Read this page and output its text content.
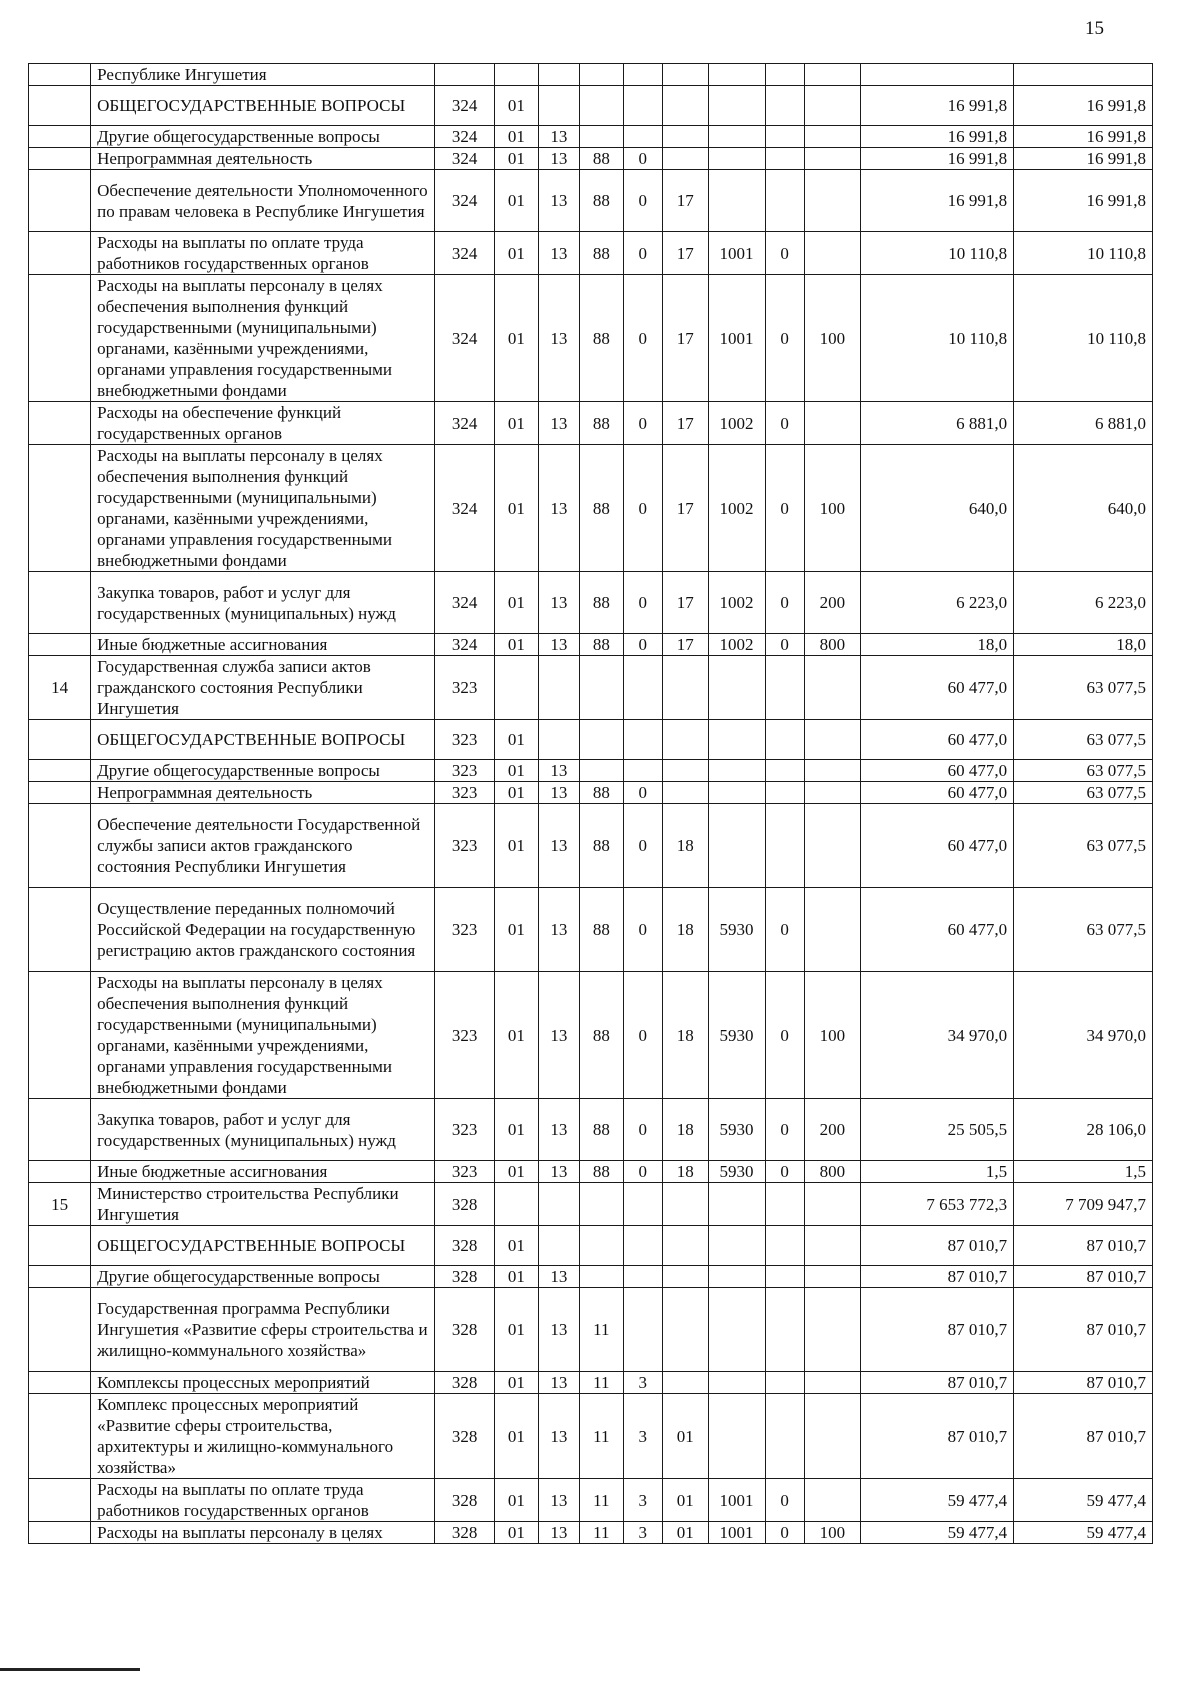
15
	Республике Ингушетия											
	ОБЩЕГОСУДАРСТВЕННЫЕ ВОПРОСЫ	324	01								16 991,8	16 991,8
	Другие общегосударственные вопросы	324	01	13							16 991,8	16 991,8
	Непрограммная деятельность	324	01	13	88	0					16 991,8	16 991,8
	Обеспечение деятельности Уполномоченного по правам человека в Республике Ингушетия	324	01	13	88	0	17				16 991,8	16 991,8
	Расходы на выплаты по оплате труда работников государственных органов	324	01	13	88	0	17	1001	0		10 110,8	10 110,8
	Расходы на выплаты персоналу в целях обеспечения выполнения функций государственными (муниципальными) органами, казёнными учреждениями, органами управления государственными внебюджетными фондами	324	01	13	88	0	17	1001	0	100	10 110,8	10 110,8
	Расходы на обеспечение функций государственных органов	324	01	13	88	0	17	1002	0		6 881,0	6 881,0
	Расходы на выплаты персоналу в целях обеспечения выполнения функций государственными (муниципальными) органами, казёнными учреждениями, органами управления государственными внебюджетными фондами	324	01	13	88	0	17	1002	0	100	640,0	640,0
	Закупка товаров, работ и услуг для государственных (муниципальных) нужд	324	01	13	88	0	17	1002	0	200	6 223,0	6 223,0
	Иные бюджетные ассигнования	324	01	13	88	0	17	1002	0	800	18,0	18,0
14	Государственная служба записи актов гражданского состояния Республики Ингушетия	323									60 477,0	63 077,5
	ОБЩЕГОСУДАРСТВЕННЫЕ ВОПРОСЫ	323	01								60 477,0	63 077,5
	Другие общегосударственные вопросы	323	01	13							60 477,0	63 077,5
	Непрограммная деятельность	323	01	13	88	0					60 477,0	63 077,5
	Обеспечение деятельности Государственной службы записи актов гражданского состояния Республики Ингушетия	323	01	13	88	0	18				60 477,0	63 077,5
	Осуществление переданных полномочий Российской Федерации на государственную регистрацию актов гражданского состояния	323	01	13	88	0	18	5930	0		60 477,0	63 077,5
	Расходы на выплаты персоналу в целях обеспечения выполнения функций государственными (муниципальными) органами, казёнными учреждениями, органами управления государственными внебюджетными фондами	323	01	13	88	0	18	5930	0	100	34 970,0	34 970,0
	Закупка товаров, работ и услуг для государственных (муниципальных) нужд	323	01	13	88	0	18	5930	0	200	25 505,5	28 106,0
	Иные бюджетные ассигнования	323	01	13	88	0	18	5930	0	800	1,5	1,5
15	Министерство строительства Республики Ингушетия	328									7 653 772,3	7 709 947,7
	ОБЩЕГОСУДАРСТВЕННЫЕ ВОПРОСЫ	328	01								87 010,7	87 010,7
	Другие общегосударственные вопросы	328	01	13							87 010,7	87 010,7
	Государственная программа Республики Ингушетия «Развитие сферы строительства и жилищно-коммунального хозяйства»	328	01	13	11						87 010,7	87 010,7
	Комплексы процессных мероприятий	328	01	13	11	3					87 010,7	87 010,7
	Комплекс процессных мероприятий «Развитие сферы строительства, архитектуры и жилищно-коммунального хозяйства»	328	01	13	11	3	01				87 010,7	87 010,7
	Расходы на выплаты по оплате труда работников государственных органов	328	01	13	11	3	01	1001	0		59 477,4	59 477,4
	Расходы на выплаты персоналу в целях	328	01	13	11	3	01	1001	0	100	59 477,4	59 477,4
